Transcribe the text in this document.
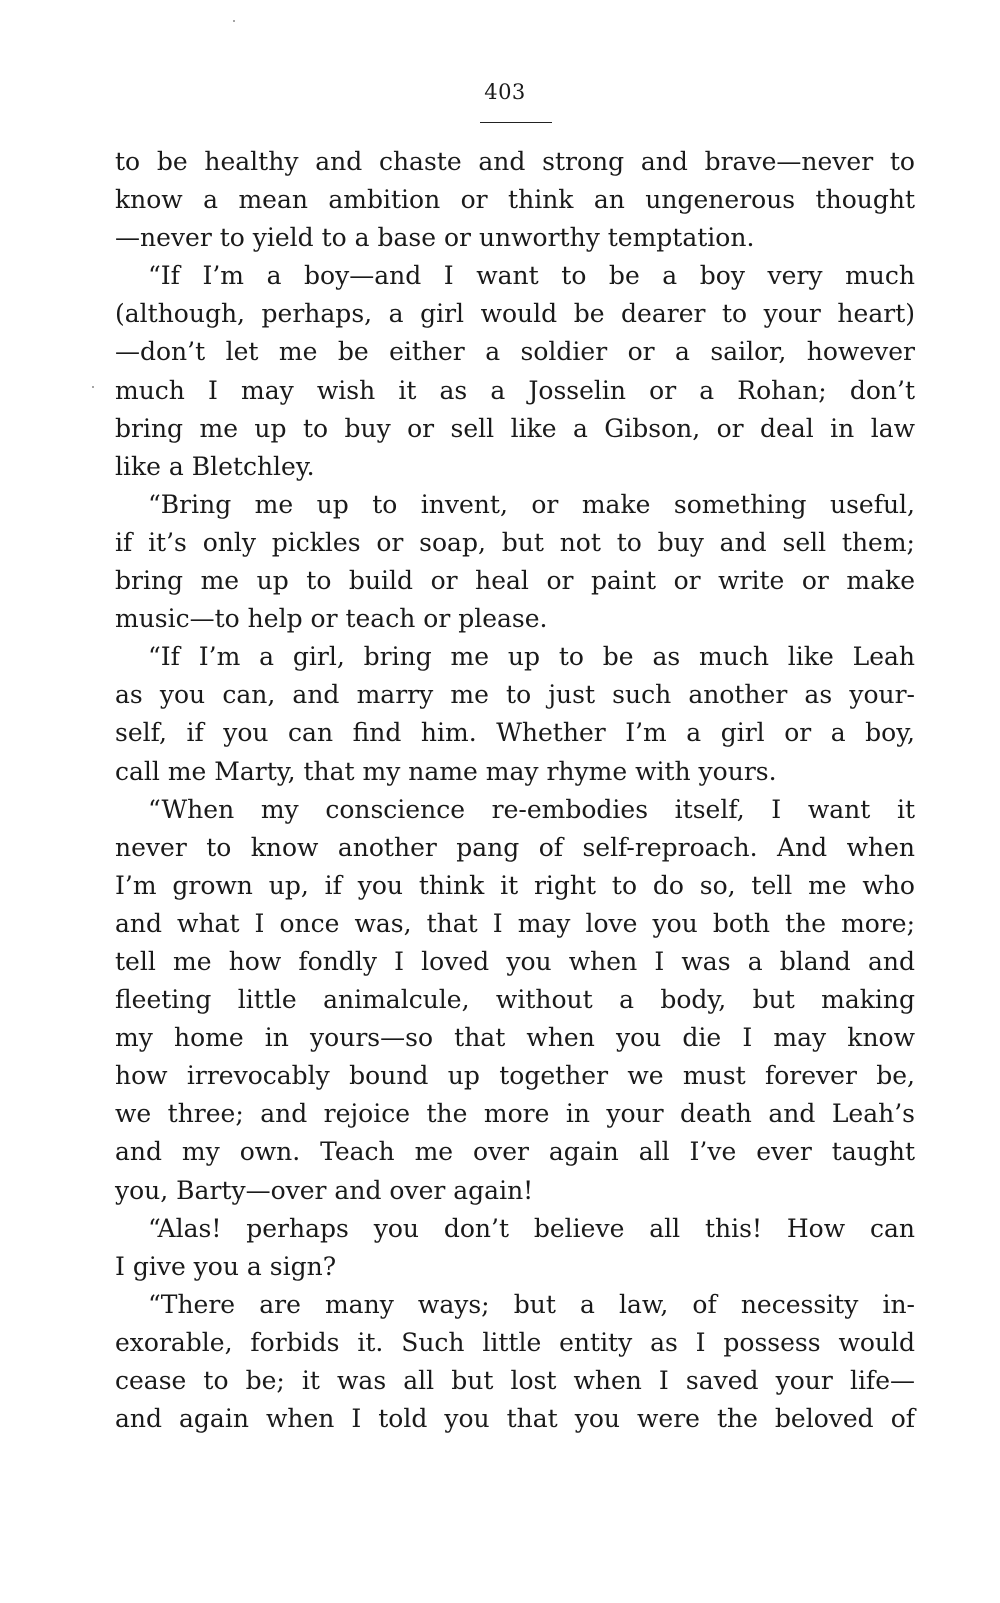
403
to be healthy and chaste and strong and brave—never to
know a mean ambition or think an ungenerous thought
—never to yield to a base or unworthy temptation.
“If I’m a boy—and I want to be a boy very much
(although, perhaps, a girl would be dearer to your heart)
—don’t let me be either a soldier or a sailor, however
much I may wish it as a Josselin or a Rohan; don’t
bring me up to buy or sell like a Gibson, or deal in law
like a Bletchley.
“Bring me up to invent, or make something useful,
if it’s only pickles or soap, but not to buy and sell them;
bring me up to build or heal or paint or write or make
music—to help or teach or please.
“If I’m a girl, bring me up to be as much like Leah
as you can, and marry me to just such another as your-
self, if you can find him. Whether I’m a girl or a boy,
call me Marty, that my name may rhyme with yours.
“When my conscience re-embodies itself, I want it
never to know another pang of self-reproach. And when
I’m grown up, if you think it right to do so, tell me who
and what I once was, that I may love you both the more;
tell me how fondly I loved you when I was a bland and
fleeting little animalcule, without a body, but making
my home in yours—so that when you die I may know
how irrevocably bound up together we must forever be,
we three; and rejoice the more in your death and Leah’s
and my own. Teach me over again all I’ve ever taught
you, Barty—over and over again!
“Alas! perhaps you don’t believe all this! How can
I give you a sign?
“There are many ways; but a law, of necessity in-
exorable, forbids it. Such little entity as I possess would
cease to be; it was all but lost when I saved your life—
and again when I told you that you were the beloved of
